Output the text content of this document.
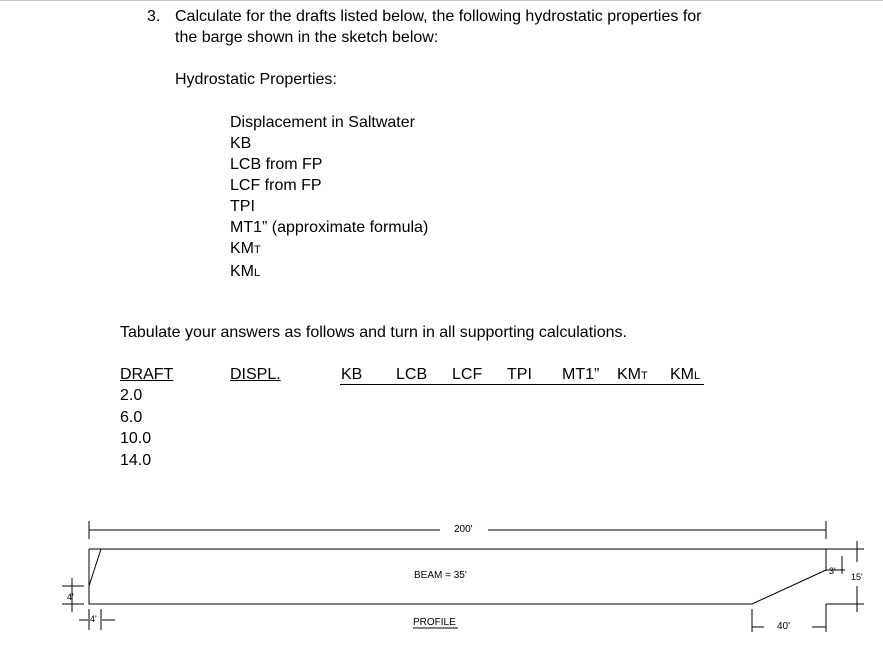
3. Calculate for the drafts listed below, the following hydrostatic properties for
the barge shown in the sketch below:
Hydrostatic Properties:
Displacement in Saltwater
KB
LCB from FP
LCF from FP
TPI
MT1” (approximate formula)
KMT
KML
Tabulate your answers as follows and turn in all supporting calculations.
DRAFT	DISPL.	KB LCB LCF TPI MT1” KMT KML
2.0
6.0
10.0
14.0
200'
BEAM = 35'
PROFILE	40'
4'
4'
3'
15'
